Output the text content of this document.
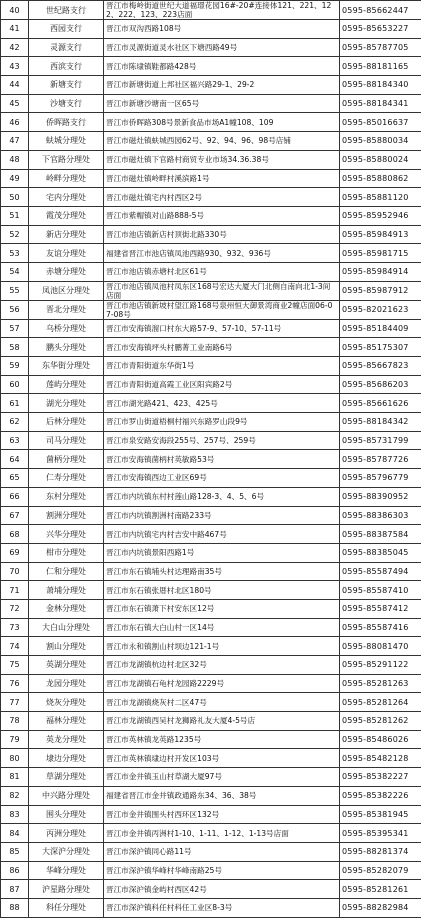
40	世纪路支行	晋江市梅岭街道世纪大道福璟花园16#-20#连接体121、221、122、222、123、223店面	0595-85662447
41	西园支行	晋江市双沟西路108号	0595-85653227
42	灵源支行	晋江市灵源街道灵水社区下塘西路49号	0595-85787705
43	西滨支行	晋江市陈埭镇鞋都路428号	0595-88181165
44	新塘支行	晋江市新塘街道上邦社区福兴路29-1、29-2	0595-88184340
45	沙塘支行	晋江市新塘沙塘南一区65号	0595-88184341
46	侨晖路支行	晋江市侨晖路308号景新食品市场A1幢108、109	0595-85016637
47	蚨城分理处	晋江市磁灶镇蚨城西园62号、92、94、96、98号店铺	0595-85880034
48	下官路分理处	晋江市磁灶镇下官路村商贸专业市场34.36.38号	0595-85880024
49	岭畔分理处	晋江市磁灶镇岭畔村溪滨路1号	0595-85880862
50	宅内分理处	晋江市磁灶镇宅内村西区2号	0595-85881120
51	霞茂分理处	晋江市紫帽镇对山路888-5号	0595-85952946
52	新店分理处	晋江市池店镇新店村顶街北路330号	0595-85984913
53	友谊分理处	福建省晋江市池店镇凤池西路930、932、936号	0595-85981715
54	赤塘分理处	晋江市池店镇赤塘村北区61号	0595-85984914
55	凤池区分理处	晋江市池店镇凤池村凤东区168号宏达大厦大门北侧自南向北1-3间店面	0595-85987912
56	晋北分理处	晋江市池店镇新坡村望江路168号泉州恒大御景湾商业2幢店面06-07-08号	0595-82021623
57	乌桥分理处	晋江市安海镇溜口村东大路57-9、57-10、57-11号	0595-85184409
58	鹏头分理处	晋江市安海镇坪头村鹏菁工业南路6号	0595-85175307
59	东华街分理处	晋江市青阳街道东华街1号	0595-85667823
60	莲屿分理处	晋江市青阳街道高霞工业区阳宾路2号	0595-85686203
61	湖光分理处	晋江市湖光路421、423、425号	0595-85661626
62	后林分理处	晋江市罗山街道梧桐村福兴东路罗山段9号	0595-88184342
63	司马分理处	晋江市泉安路安海段255号、257号、259号	0595-85731799
64	菌柄分理处	晋江市安海镇菌柄村英敏路53号	0595-85787726
65	仁寿分理处	晋江市安海镇西边工业区69号	0595-85796779
66	东村分理处	晋江市内坑镇东村村莲山路128-3、4、5、6号	0595-88390952
67	割洲分理处	晋江市内坑镇割洲村南路233号	0595-88386303
68	兴华分理处	晋江市内坑镇宅内村吉安中路467号	0595-88387584
69	柑市分理处	晋江市内坑镇景阳西路1号	0595-88385045
70	仁和分理处	晋江市东石镇埔头村达理路南35号	0595-85587494
71	萧埔分理处	晋江市东石镇张厝村北区180号	0595-85587410
72	金林分理处	晋江市东石镇萧下村安东区12号	0595-85587412
73	大白山分理处	晋江市东石镇大白山村一区14号	0595-85587416
74	割山分理处	晋江市永和镇割山村坝边121-1号	0595-88081470
75	英湖分理处	晋江市龙湖镇杭边村北区32号	0595-85291122
76	龙园分理处	晋江市龙湖镇石龟村龙园路2229号	0595-85281263
77	烧灰分理处	晋江市龙湖镇烧灰村二区47号	0595-85281264
78	福林分理处	晋江市龙湖镇西吴村龙狮路礼友大厦4-5号店	0595-85281262
79	英龙分理处	晋江市英林镇龙英路1235号	0595-85486026
80	埭边分理处	晋江市英林镇埭边村开发区103号	0595-85482128
81	草湖分理处	晋江市金井镇玉山村草湖大厦97号	0595-85382227
82	中兴路分理处	福建省晋江市金井镇政通路东34、36、38号	0595-85382226
83	围头分理处	晋江市金井镇围头村西环区132号	0595-85381945
84	丙洲分理处	晋江市金井镇丙洲村1-10、1-11、1-12、1-13号店面	0595-85395341
85	大深沪分理处	晋江市深沪镇同心路11号	0595-88281374
86	华峰分理处	晋江市深沪镇华峰村华峰南路25号	0595-85282079
87	沪星路分理处	晋江市深沪镇金屿村西区42号	0595-85281261
88	科任分理处	晋江市深沪镇科任村科任工业区8-3号	0595-88282984
